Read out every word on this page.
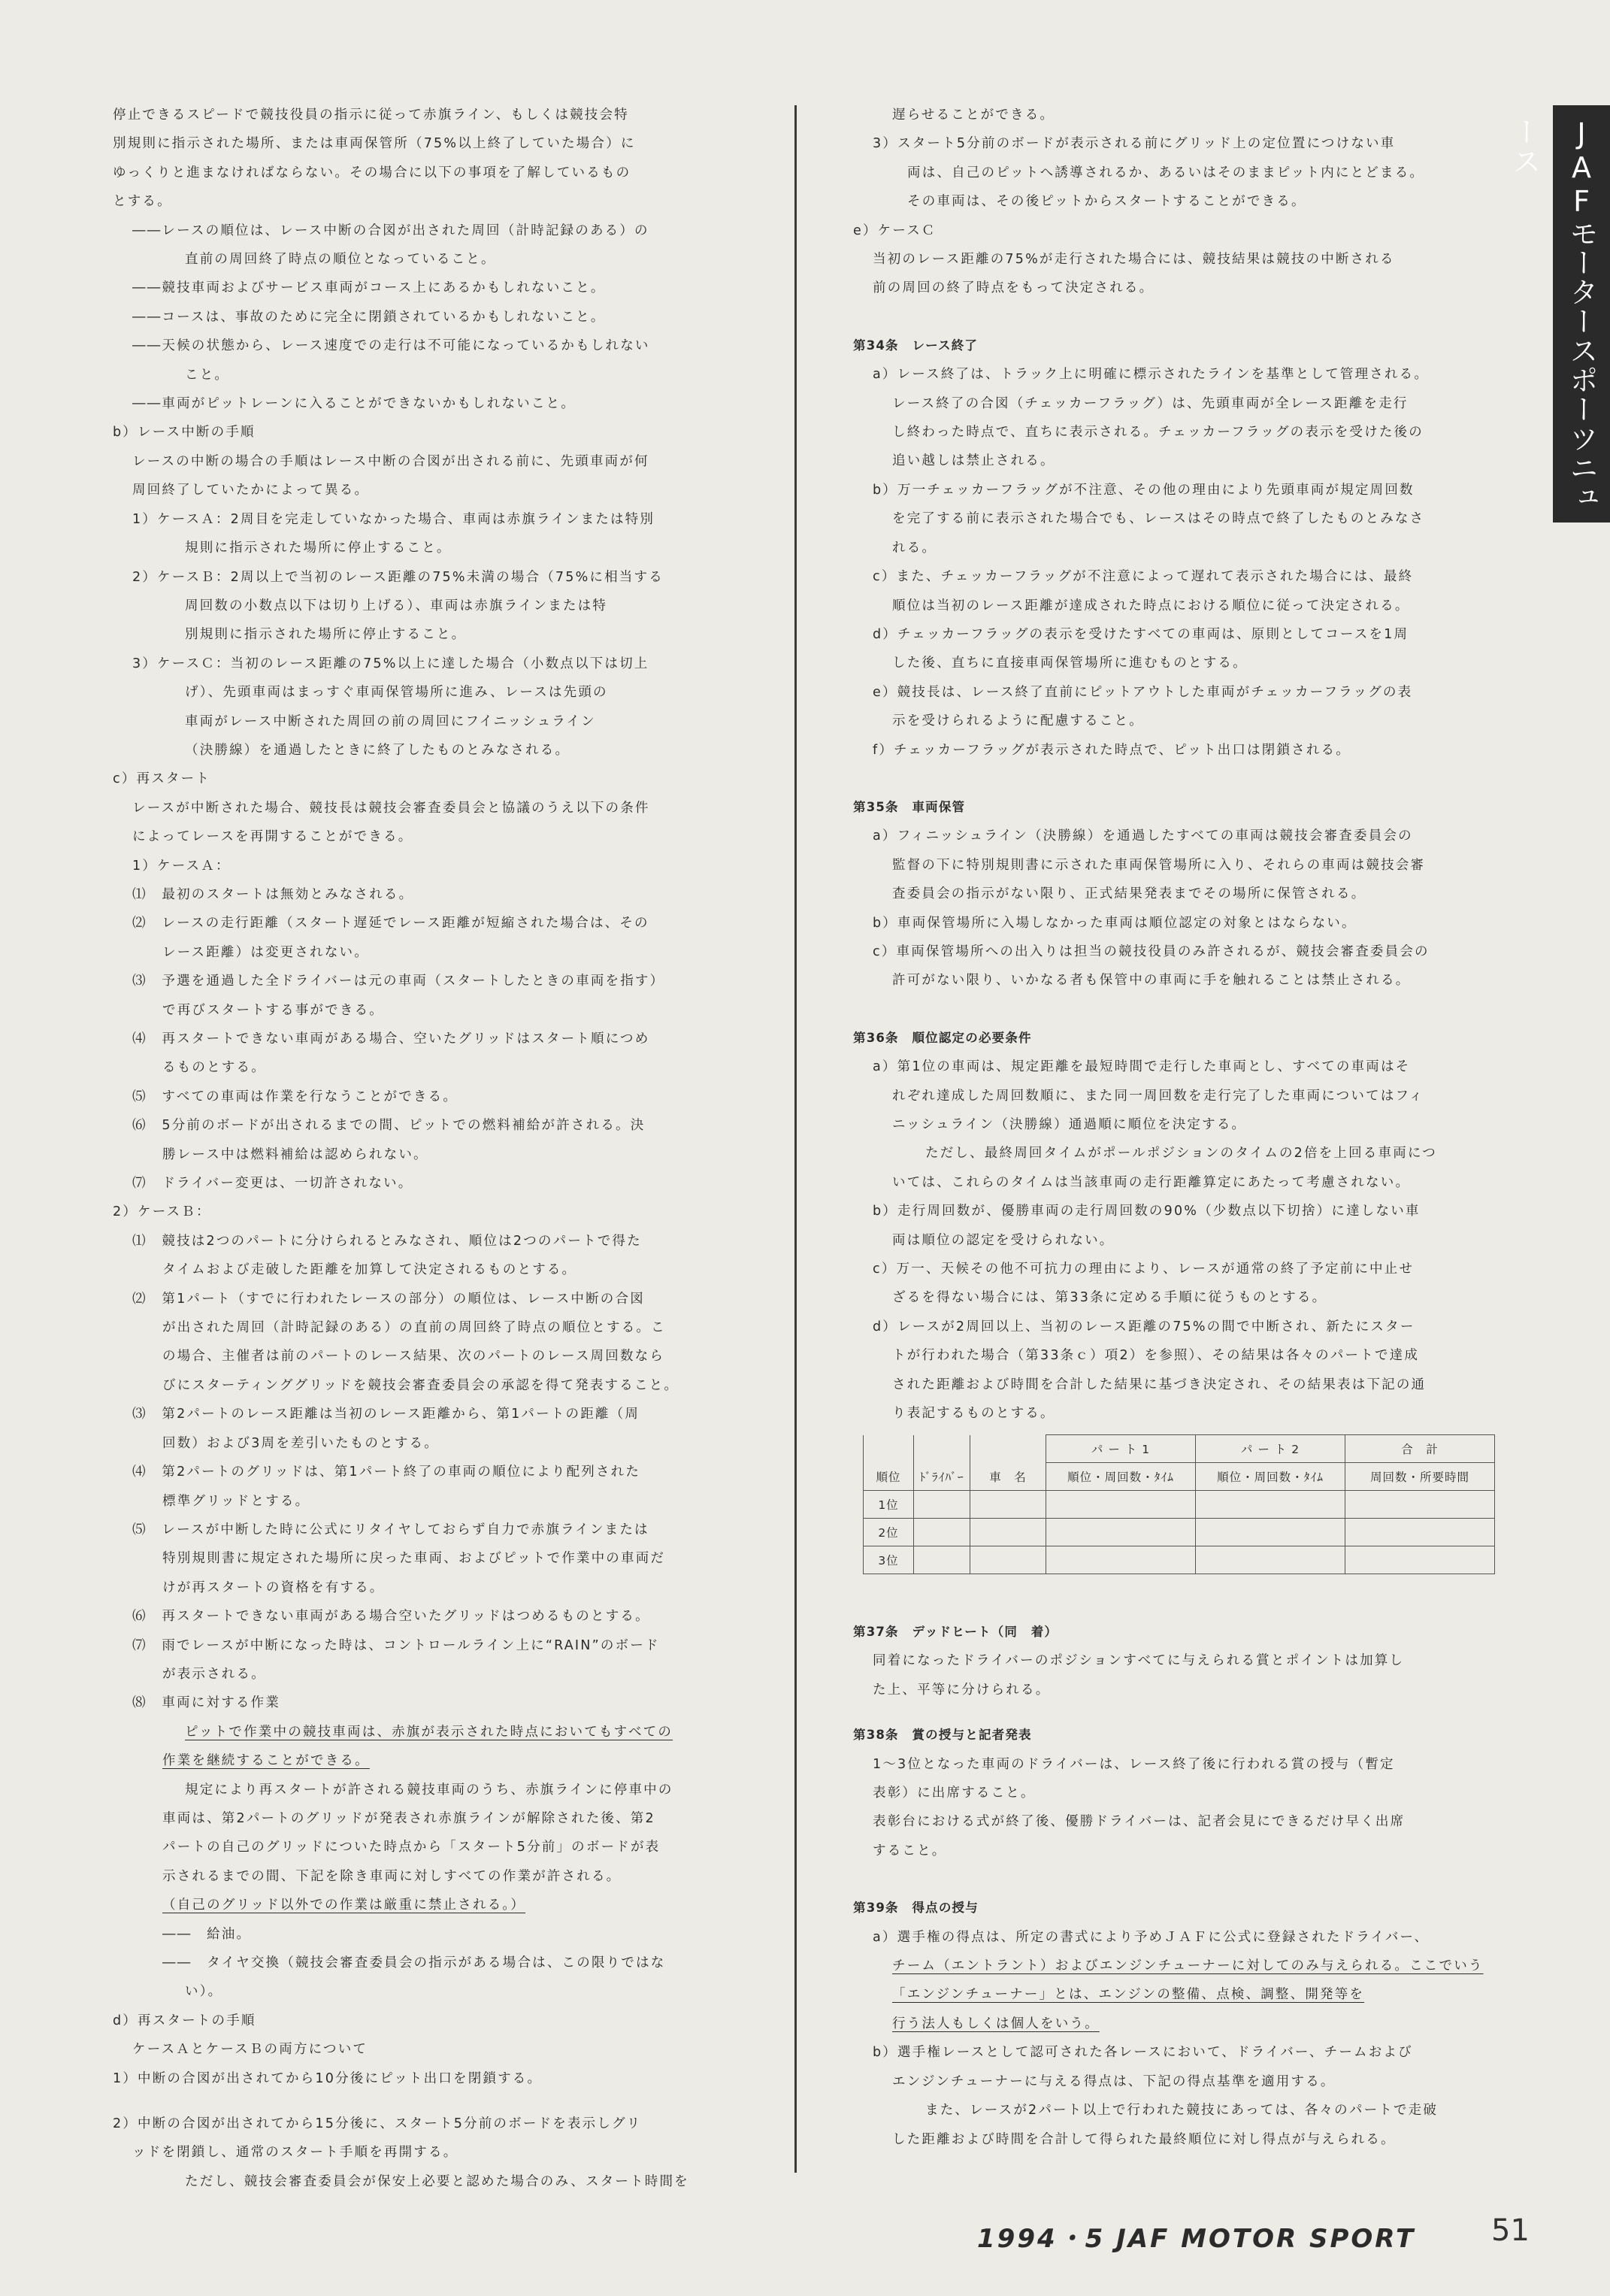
停止できるスピードで競技役員の指示に従って赤旗ライン、もしくは競技会特

別規則に指示された場所、または車両保管所（75%以上終了していた場合）に

ゆっくりと進まなければならない。その場合に以下の事項を了解しているもの

とする。

――レースの順位は、レース中断の合図が出された周回（計時記録のある）の

直前の周回終了時点の順位となっていること。

――競技車両およびサービス車両がコース上にあるかもしれないこと。

――コースは、事故のために完全に閉鎖されているかもしれないこと。

――天候の状態から、レース速度での走行は不可能になっているかもしれない

こと。

――車両がピットレーンに入ることができないかもしれないこと。

b）レース中断の手順

レースの中断の場合の手順はレース中断の合図が出される前に、先頭車両が何

周回終了していたかによって異る。

1）ケースＡ：2周目を完走していなかった場合、車両は赤旗ラインまたは特別

規則に指示された場所に停止すること。

2）ケースＢ：2周以上で当初のレース距離の75%未満の場合（75%に相当する

周回数の小数点以下は切り上げる）、車両は赤旗ラインまたは特

別規則に指示された場所に停止すること。

3）ケースＣ：当初のレース距離の75%以上に達した場合（小数点以下は切上

げ）、先頭車両はまっすぐ車両保管場所に進み、レースは先頭の

車両がレース中断された周回の前の周回にフイニッシュライン

（決勝線）を通過したときに終了したものとみなされる。

c）再スタート

レースが中断された場合、競技長は競技会審査委員会と協議のうえ以下の条件

によってレースを再開することができる。

1）ケースＡ：

⑴　最初のスタートは無効とみなされる。

⑵　レースの走行距離（スタート遅延でレース距離が短縮された場合は、その

レース距離）は変更されない。

⑶　予選を通過した全ドライバーは元の車両（スタートしたときの車両を指す）

で再びスタートする事ができる。

⑷　再スタートできない車両がある場合、空いたグリッドはスタート順につめ

るものとする。

⑸　すべての車両は作業を行なうことができる。

⑹　5分前のボードが出されるまでの間、ピットでの燃料補給が許される。決

勝レース中は燃料補給は認められない。

⑺　ドライバー変更は、一切許されない。

2）ケースＢ：

⑴　競技は2つのパートに分けられるとみなされ、順位は2つのパートで得た

タイムおよび走破した距離を加算して決定されるものとする。

⑵　第1パート（すでに行われたレースの部分）の順位は、レース中断の合図

が出された周回（計時記録のある）の直前の周回終了時点の順位とする。こ

の場合、主催者は前のパートのレース結果、次のパートのレース周回数なら

びにスターティンググリッドを競技会審査委員会の承認を得て発表すること。

⑶　第2パートのレース距離は当初のレース距離から、第1パートの距離（周

回数）および3周を差引いたものとする。

⑷　第2パートのグリッドは、第1パート終了の車両の順位により配列された

標準グリッドとする。

⑸　レースが中断した時に公式にリタイヤしておらず自力で赤旗ラインまたは

特別規則書に規定された場所に戻った車両、およびピットで作業中の車両だ

けが再スタートの資格を有する。

⑹　再スタートできない車両がある場合空いたグリッドはつめるものとする。

⑺　雨でレースが中断になった時は、コントロールライン上に“RAIN”のボード

が表示される。

⑻　車両に対する作業

ピットで作業中の競技車両は、赤旗が表示された時点においてもすべての

作業を継続することができる。

規定により再スタートが許される競技車両のうち、赤旗ラインに停車中の

車両は、第2パートのグリッドが発表され赤旗ラインが解除された後、第2

パートの自己のグリッドについた時点から「スタート5分前」のボードが表

示されるまでの間、下記を除き車両に対しすべての作業が許される。

（自己のグリッド以外での作業は厳重に禁止される。）

――　給油。

――　タイヤ交換（競技会審査委員会の指示がある場合は、この限りではな

い）。

d）再スタートの手順

ケースＡとケースＢの両方について

1）中断の合図が出されてから10分後にピット出口を閉鎖する。

2）中断の合図が出されてから15分後に、スタート5分前のボードを表示しグリ

ッドを閉鎖し、通常のスタート手順を再開する。

ただし、競技会審査委員会が保安上必要と認めた場合のみ、スタート時間を

遅らせることができる。

3）スタート5分前のボードが表示される前にグリッド上の定位置につけない車

両は、自己のピットへ誘導されるか、あるいはそのままピット内にとどまる。

その車両は、その後ピットからスタートすることができる。

e）ケースＣ

当初のレース距離の75%が走行された場合には、競技結果は競技の中断される

前の周回の終了時点をもって決定される。

第34条　レース終了

a）レース終了は、トラック上に明確に標示されたラインを基準として管理される。

レース終了の合図（チェッカーフラッグ）は、先頭車両が全レース距離を走行

し終わった時点で、直ちに表示される。チェッカーフラッグの表示を受けた後の

追い越しは禁止される。

b）万一チェッカーフラッグが不注意、その他の理由により先頭車両が規定周回数

を完了する前に表示された場合でも、レースはその時点で終了したものとみなさ

れる。

c）また、チェッカーフラッグが不注意によって遅れて表示された場合には、最終

順位は当初のレース距離が達成された時点における順位に従って決定される。

d）チェッカーフラッグの表示を受けたすべての車両は、原則としてコースを1周

した後、直ちに直接車両保管場所に進むものとする。

e）競技長は、レース終了直前にピットアウトした車両がチェッカーフラッグの表

示を受けられるように配慮すること。

f）チェッカーフラッグが表示された時点で、ピット出口は閉鎖される。

第35条　車両保管

a）フィニッシュライン（決勝線）を通過したすべての車両は競技会審査委員会の

監督の下に特別規則書に示された車両保管場所に入り、それらの車両は競技会審

査委員会の指示がない限り、正式結果発表までその場所に保管される。

b）車両保管場所に入場しなかった車両は順位認定の対象とはならない。

c）車両保管場所への出入りは担当の競技役員のみ許されるが、競技会審査委員会の

許可がない限り、いかなる者も保管中の車両に手を触れることは禁止される。

第36条　順位認定の必要条件

a）第1位の車両は、規定距離を最短時間で走行した車両とし、すべての車両はそ

れぞれ達成した周回数順に、また同一周回数を走行完了した車両についてはフィ

ニッシュライン（決勝線）通過順に順位を決定する。

ただし、最終周回タイムがポールポジションのタイムの2倍を上回る車両につ

いては、これらのタイムは当該車両の走行距離算定にあたって考慮されない。

b）走行周回数が、優勝車両の走行周回数の90%（少数点以下切捨）に達しない車

両は順位の認定を受けられない。

c）万一、天候その他不可抗力の理由により、レースが通常の終了予定前に中止せ

ざるを得ない場合には、第33条に定める手順に従うものとする。

d）レースが2周回以上、当初のレース距離の75%の間で中断され、新たにスター

トが行われた場合（第33条ｃ）項2）を参照）、その結果は各々のパートで達成

された距離および時間を合計した結果に基づき決定され、その結果表は下記の通

り表記するものとする。

第37条　デッドヒート（同　着）

同着になったドライバーのポジションすべてに与えられる賞とポイントは加算し

た上、平等に分けられる。

第38条　賞の授与と記者発表

1～3位となった車両のドライバーは、レース終了後に行われる賞の授与（暫定

表彰）に出席すること。

表彰台における式が終了後、優勝ドライバーは、記者会見にできるだけ早く出席

すること。

第39条　得点の授与

a）選手権の得点は、所定の書式により予めＪＡＦに公式に登録されたドライバー、

チーム（エントラント）およびエンジンチューナーに対してのみ与えられる。ここでいう「エンジンチューナー」とは、エンジンの整備、点検、調整、開発等を

行う法人もしくは個人をいう。

b）選手権レースとして認可された各レースにおいて、ドライバー、チームおよび

エンジンチューナーに与える得点は、下記の得点基準を適用する。

また、レースが2パート以上で行われた競技にあっては、各々のパートで走破

した距離および時間を合計して得られた最終順位に対し得点が与えられる。

			パ ー ト 1	パ ー ト 2	合　計
順位	ﾄﾞﾗｲﾊﾞｰ	車　名	順位・周回数・ﾀｲﾑ	順位・周回数・ﾀｲﾑ	周回数・所要時間
1位					
2位					
3位					
JAFモータースポーツニュース
1994・5 JAF MOTOR SPORT	51
